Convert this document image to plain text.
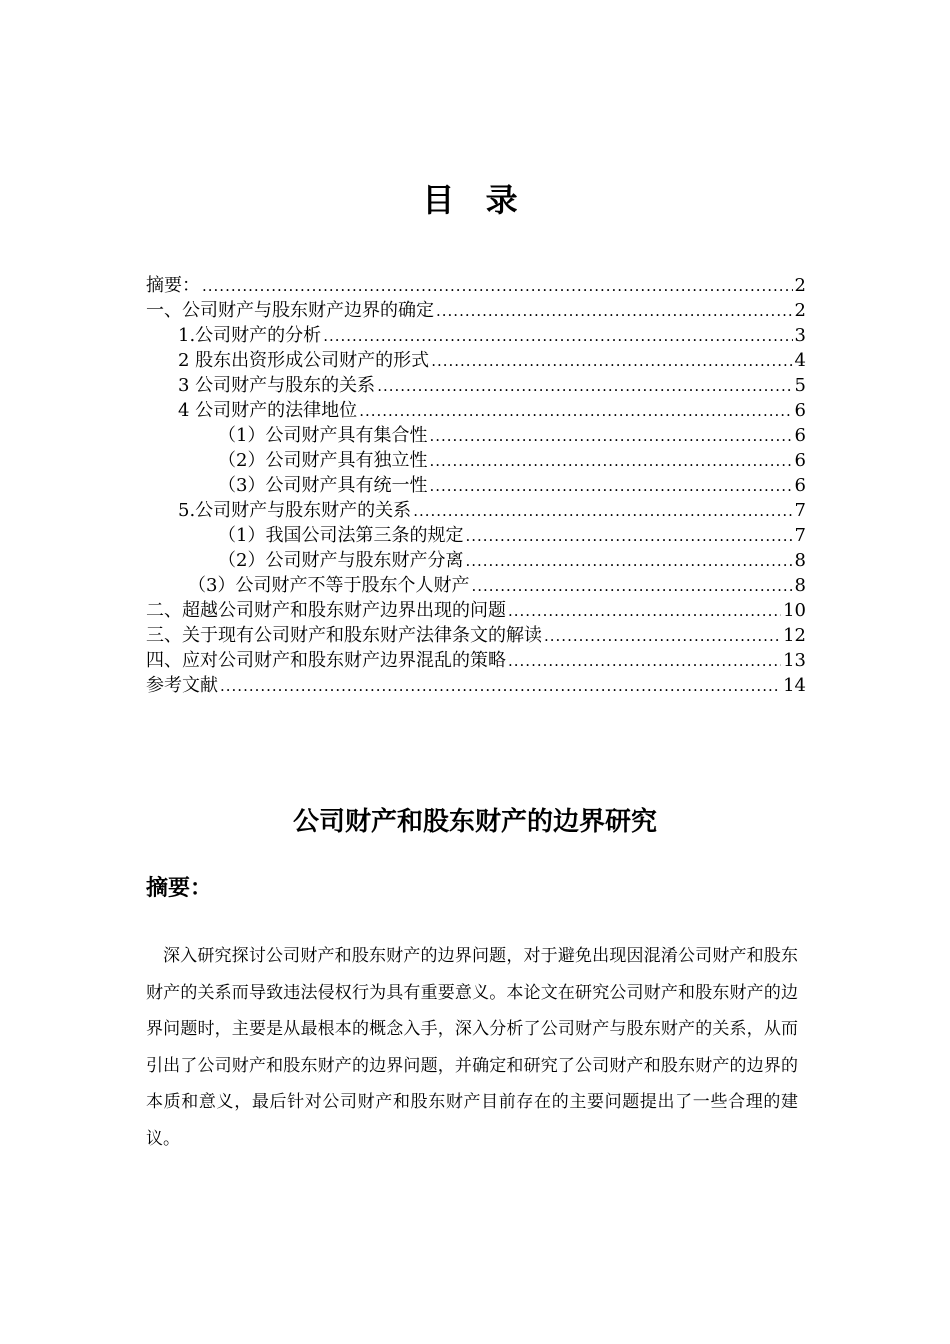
目 录
摘要： .....	2
一、公司财产与股东财产边界的确定 .....	2
1.公司财产的分析 .....	3
2 股东出资形成公司财产的形式 .....	4
3 公司财产与股东的关系 .....	5
4 公司财产的法律地位 .....	6
（1）公司财产具有集合性 .....	6
（2）公司财产具有独立性 .....	6
（3）公司财产具有统一性 .....	6
5.公司财产与股东财产的关系 .....	7
（1）我国公司法第三条的规定 .....	7
（2）公司财产与股东财产分离 .....	8
（3）公司财产不等于股东个人财产 .....	8
二、超越公司财产和股东财产边界出现的问题 .....	10
三、关于现有公司财产和股东财产法律条文的解读 .....	12
四、应对公司财产和股东财产边界混乱的策略 .....	13
参考文献 .....	14
公司财产和股东财产的边界研究
摘要：
深入研究探讨公司财产和股东财产的边界问题，对于避免出现因混淆公司财产和股东财产的关系而导致违法侵权行为具有重要意义。本论文在研究公司财产和股东财产的边界问题时，主要是从最根本的概念入手，深入分析了公司财产与股东财产的关系，从而引出了公司财产和股东财产的边界问题，并确定和研究了公司财产和股东财产的边界的本质和意义，最后针对公司财产和股东财产目前存在的主要问题提出了一些合理的建议。
